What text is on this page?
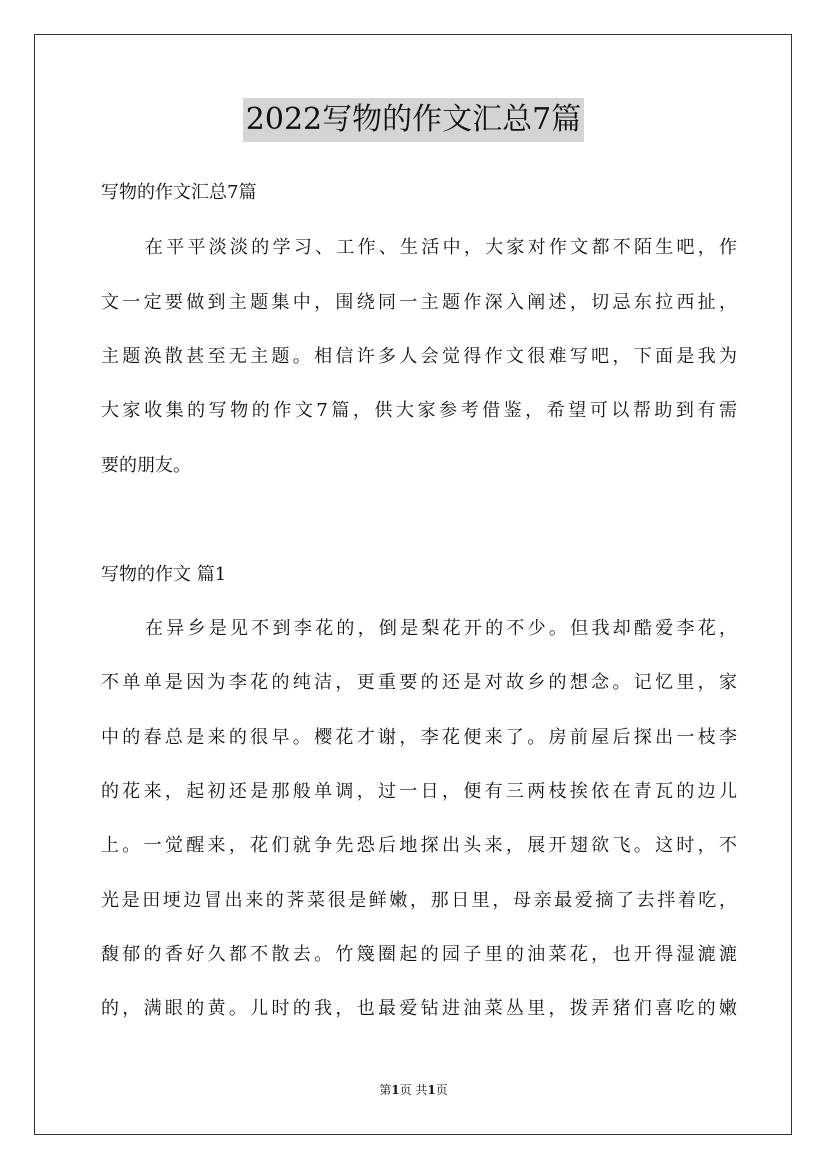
2022写物的作文汇总7篇
写物的作文汇总7篇
在平平淡淡的学习、工作、生活中，大家对作文都不陌生吧，作
文一定要做到主题集中，围绕同一主题作深入阐述，切忌东拉西扯，
主题涣散甚至无主题。相信许多人会觉得作文很难写吧，下面是我为
大家收集的写物的作文7篇，供大家参考借鉴，希望可以帮助到有需
要的朋友。
写物的作文 篇1
在异乡是见不到李花的，倒是梨花开的不少。但我却酷爱李花，
不单单是因为李花的纯洁，更重要的还是对故乡的想念。记忆里，家
中的春总是来的很早。樱花才谢，李花便来了。房前屋后探出一枝李
的花来，起初还是那般单调，过一日，便有三两枝挨依在青瓦的边儿
上。一觉醒来，花们就争先恐后地探出头来，展开翅欲飞。这时，不
光是田埂边冒出来的荠菜很是鲜嫩，那日里，母亲最爱摘了去拌着吃，
馥郁的香好久都不散去。竹篾圈起的园子里的油菜花，也开得湿漉漉
的，满眼的黄。儿时的我，也最爱钻进油菜丛里，拨弄猪们喜吃的嫩
第1页 共1页
